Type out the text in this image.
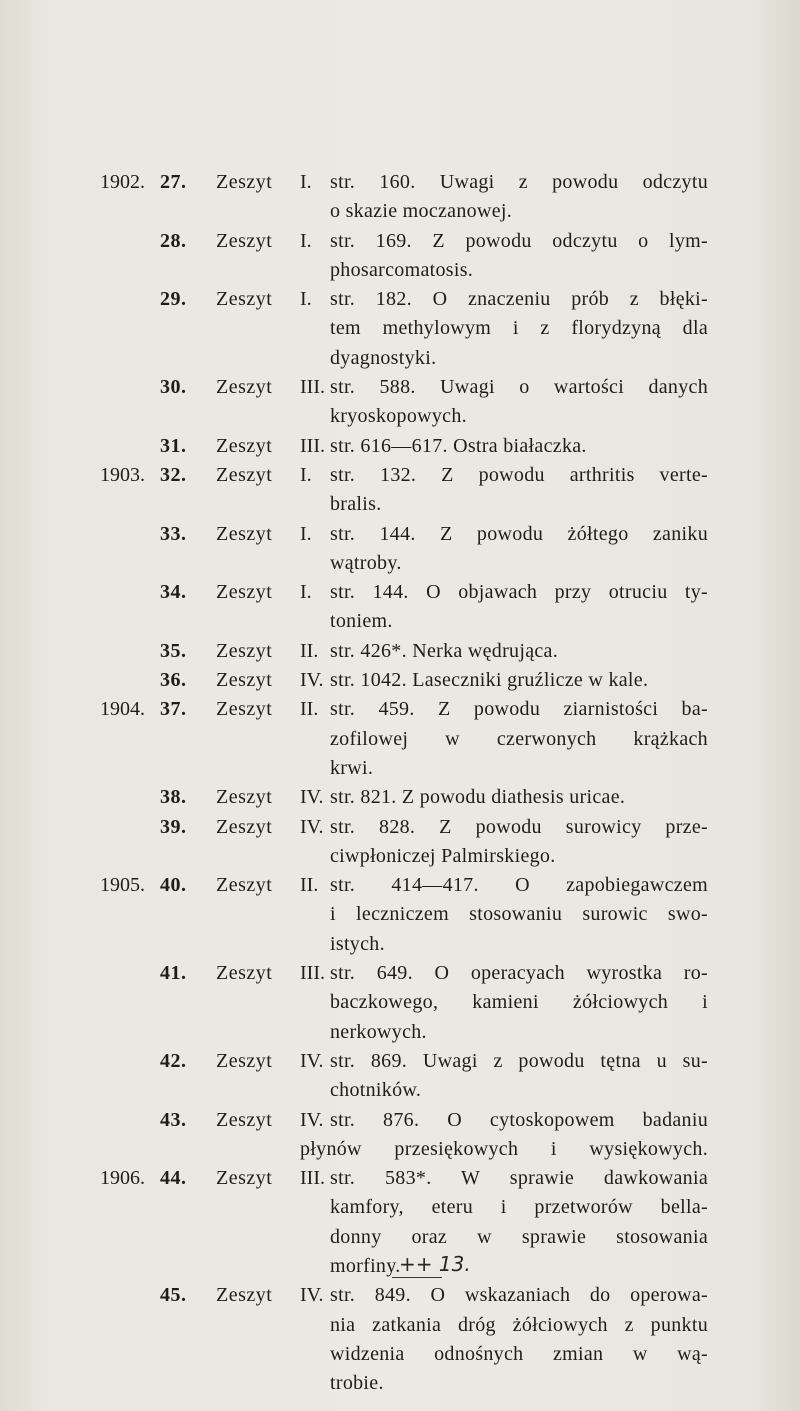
1902. 27.	Zeszyt	I. str. 160. Uwagi z powodu odczytu
o skazie moczanowej.
28.	Zeszyt	I. str. 169. Z powodu odczytu o lym-
phosarcomatosis.
29.	Zeszyt	I. str. 182. O znaczeniu prób z błęki-
tem methylowym i z florydzyną dla
dyagnostyki.
30.	Zeszyt	III. str. 588. Uwagi o wartości danych
kryoskopowych.
31.	Zeszyt	III. str. 616—617. Ostra białaczka.
1903. 32.	Zeszyt	I. str. 132. Z powodu arthritis verte-
bralis.
33.	Zeszyt	I. str. 144. Z powodu żółtego zaniku
wątroby.
34.	Zeszyt	I. str. 144. O objawach przy otruciu ty-
toniem.
35.	Zeszyt	II. str. 426*. Nerka wędrująca.
36.	Zeszyt	IV. str. 1042. Laseczniki gruźlicze w kale.
1904. 37.	Zeszyt	II. str. 459. Z powodu ziarnistości ba-
zofilowej w czerwonych krążkach
krwi.
38.	Zeszyt	IV. str. 821. Z powodu diathesis uricae.
39.	Zeszyt	IV. str. 828. Z powodu surowicy prze-
ciwpłoniczej Palmirskiego.
1905. 40.	Zeszyt	II. str. 414—417. O zapobiegawczem
i leczniczem stosowaniu surowic swo-
istych.
41.	Zeszyt	III. str. 649. O operacyach wyrostka ro-
baczkowego, kamieni żółciowych i
nerkowych.
42.	Zeszyt	IV. str. 869. Uwagi z powodu tętna u su-
chotników.
43.	Zeszyt	IV. str. 876. O cytoskopowem badaniu
płynów przesiękowych i wysiękowych.
1906. 44.	Zeszyt	III. str. 583*. W sprawie dawkowania
kamfory, eteru i przetworów bella-
donny oraz w sprawie stosowania
morfiny.
45.	Zeszyt	IV. str. 849. O wskazaniach do operowa-
nia zatkania dróg żółciowych z punktu
widzenia odnośnych zmian w wą-
trobie.
++ 13.
